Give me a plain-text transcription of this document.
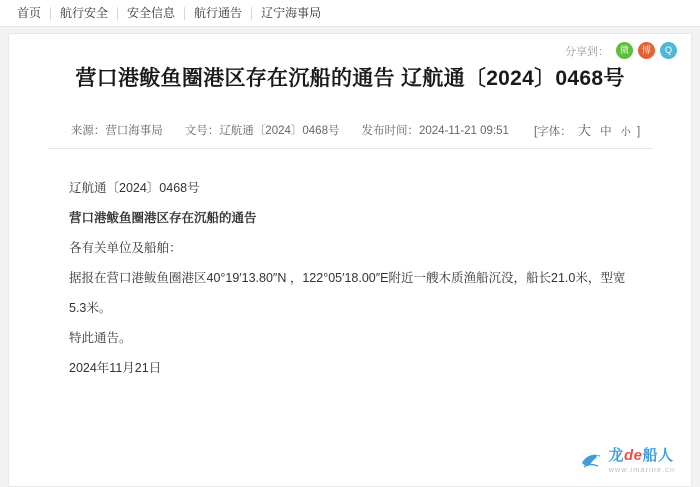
首页	航行安全	安全信息	航行通告	辽宁海事局
分享到：	微	博	Q
营口港鲅鱼圈港区存在沉船的通告 辽航通〔2024〕0468号
来源：营口海事局 文号：辽航通〔2024〕0468号 发布时间：2024-11-21 09:51 [字体： 大 中 小 ]

辽航通〔2024〕0468号

营口港鲅鱼圈港区存在沉船的通告

各有关单位及船舶：

据报在营口港鲅鱼圈港区40°19′13.80″N ，122°05′18.00″E附近一艘木质渔船沉没，船长21.0米，型宽5.3米。

特此通告。

2024年11月21日

龙de船人
www.imarine.cn
